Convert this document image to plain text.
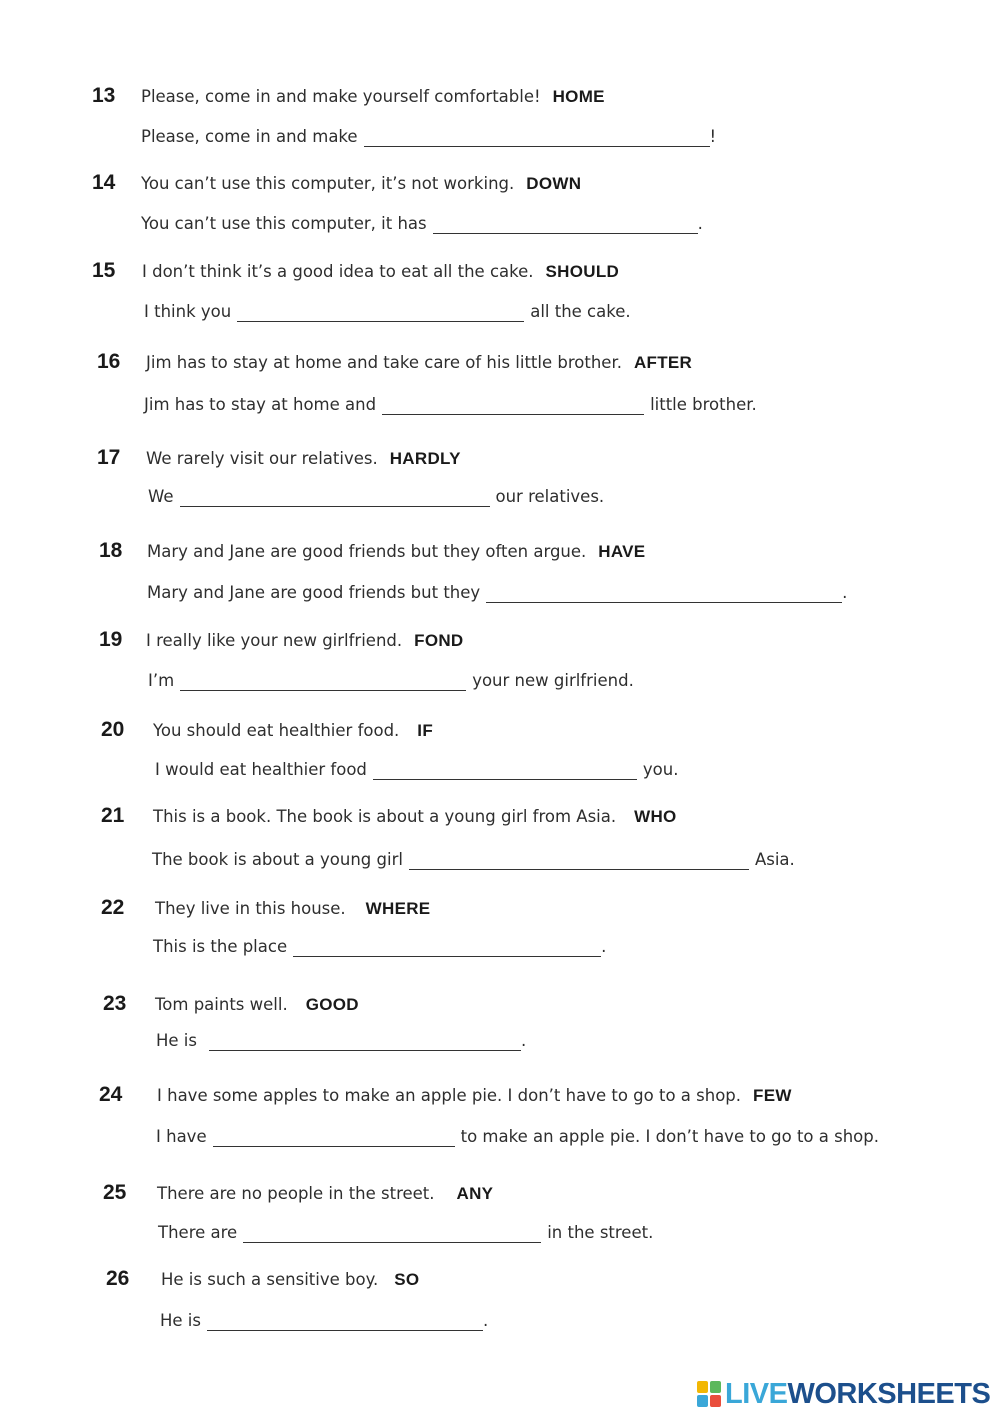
13 Please, come in and make yourself comfortable! HOME
Please, come in and make	!
14 You can’t use this computer, it’s not working. DOWN
You can’t use this computer, it has	.
15 I don’t think it’s a good idea to eat all the cake. SHOULD
I think you	all the cake.
16 Jim has to stay at home and take care of his little brother. AFTER
Jim has to stay at home and	little brother.
17 We rarely visit our relatives. HARDLY
We	our relatives.
18 Mary and Jane are good friends but they often argue. HAVE
Mary and Jane are good friends but they	.
19 I really like your new girlfriend. FOND
I’m	your new girlfriend.
20 You should eat healthier food. IF
I would eat healthier food	you.
21 This is a book. The book is about a young girl from Asia. WHO
The book is about a young girl	Asia.
22 They live in this house. WHERE
This is the place	.
23 Tom paints well. GOOD
He is	.
24 I have some apples to make an apple pie. I don’t have to go to a shop. FEW
I have	to make an apple pie. I don’t have to go to a shop.
25 There are no people in the street. ANY
There are	in the street.
26 He is such a sensitive boy. SO
He is	.
LIVEWORKSHEETS
